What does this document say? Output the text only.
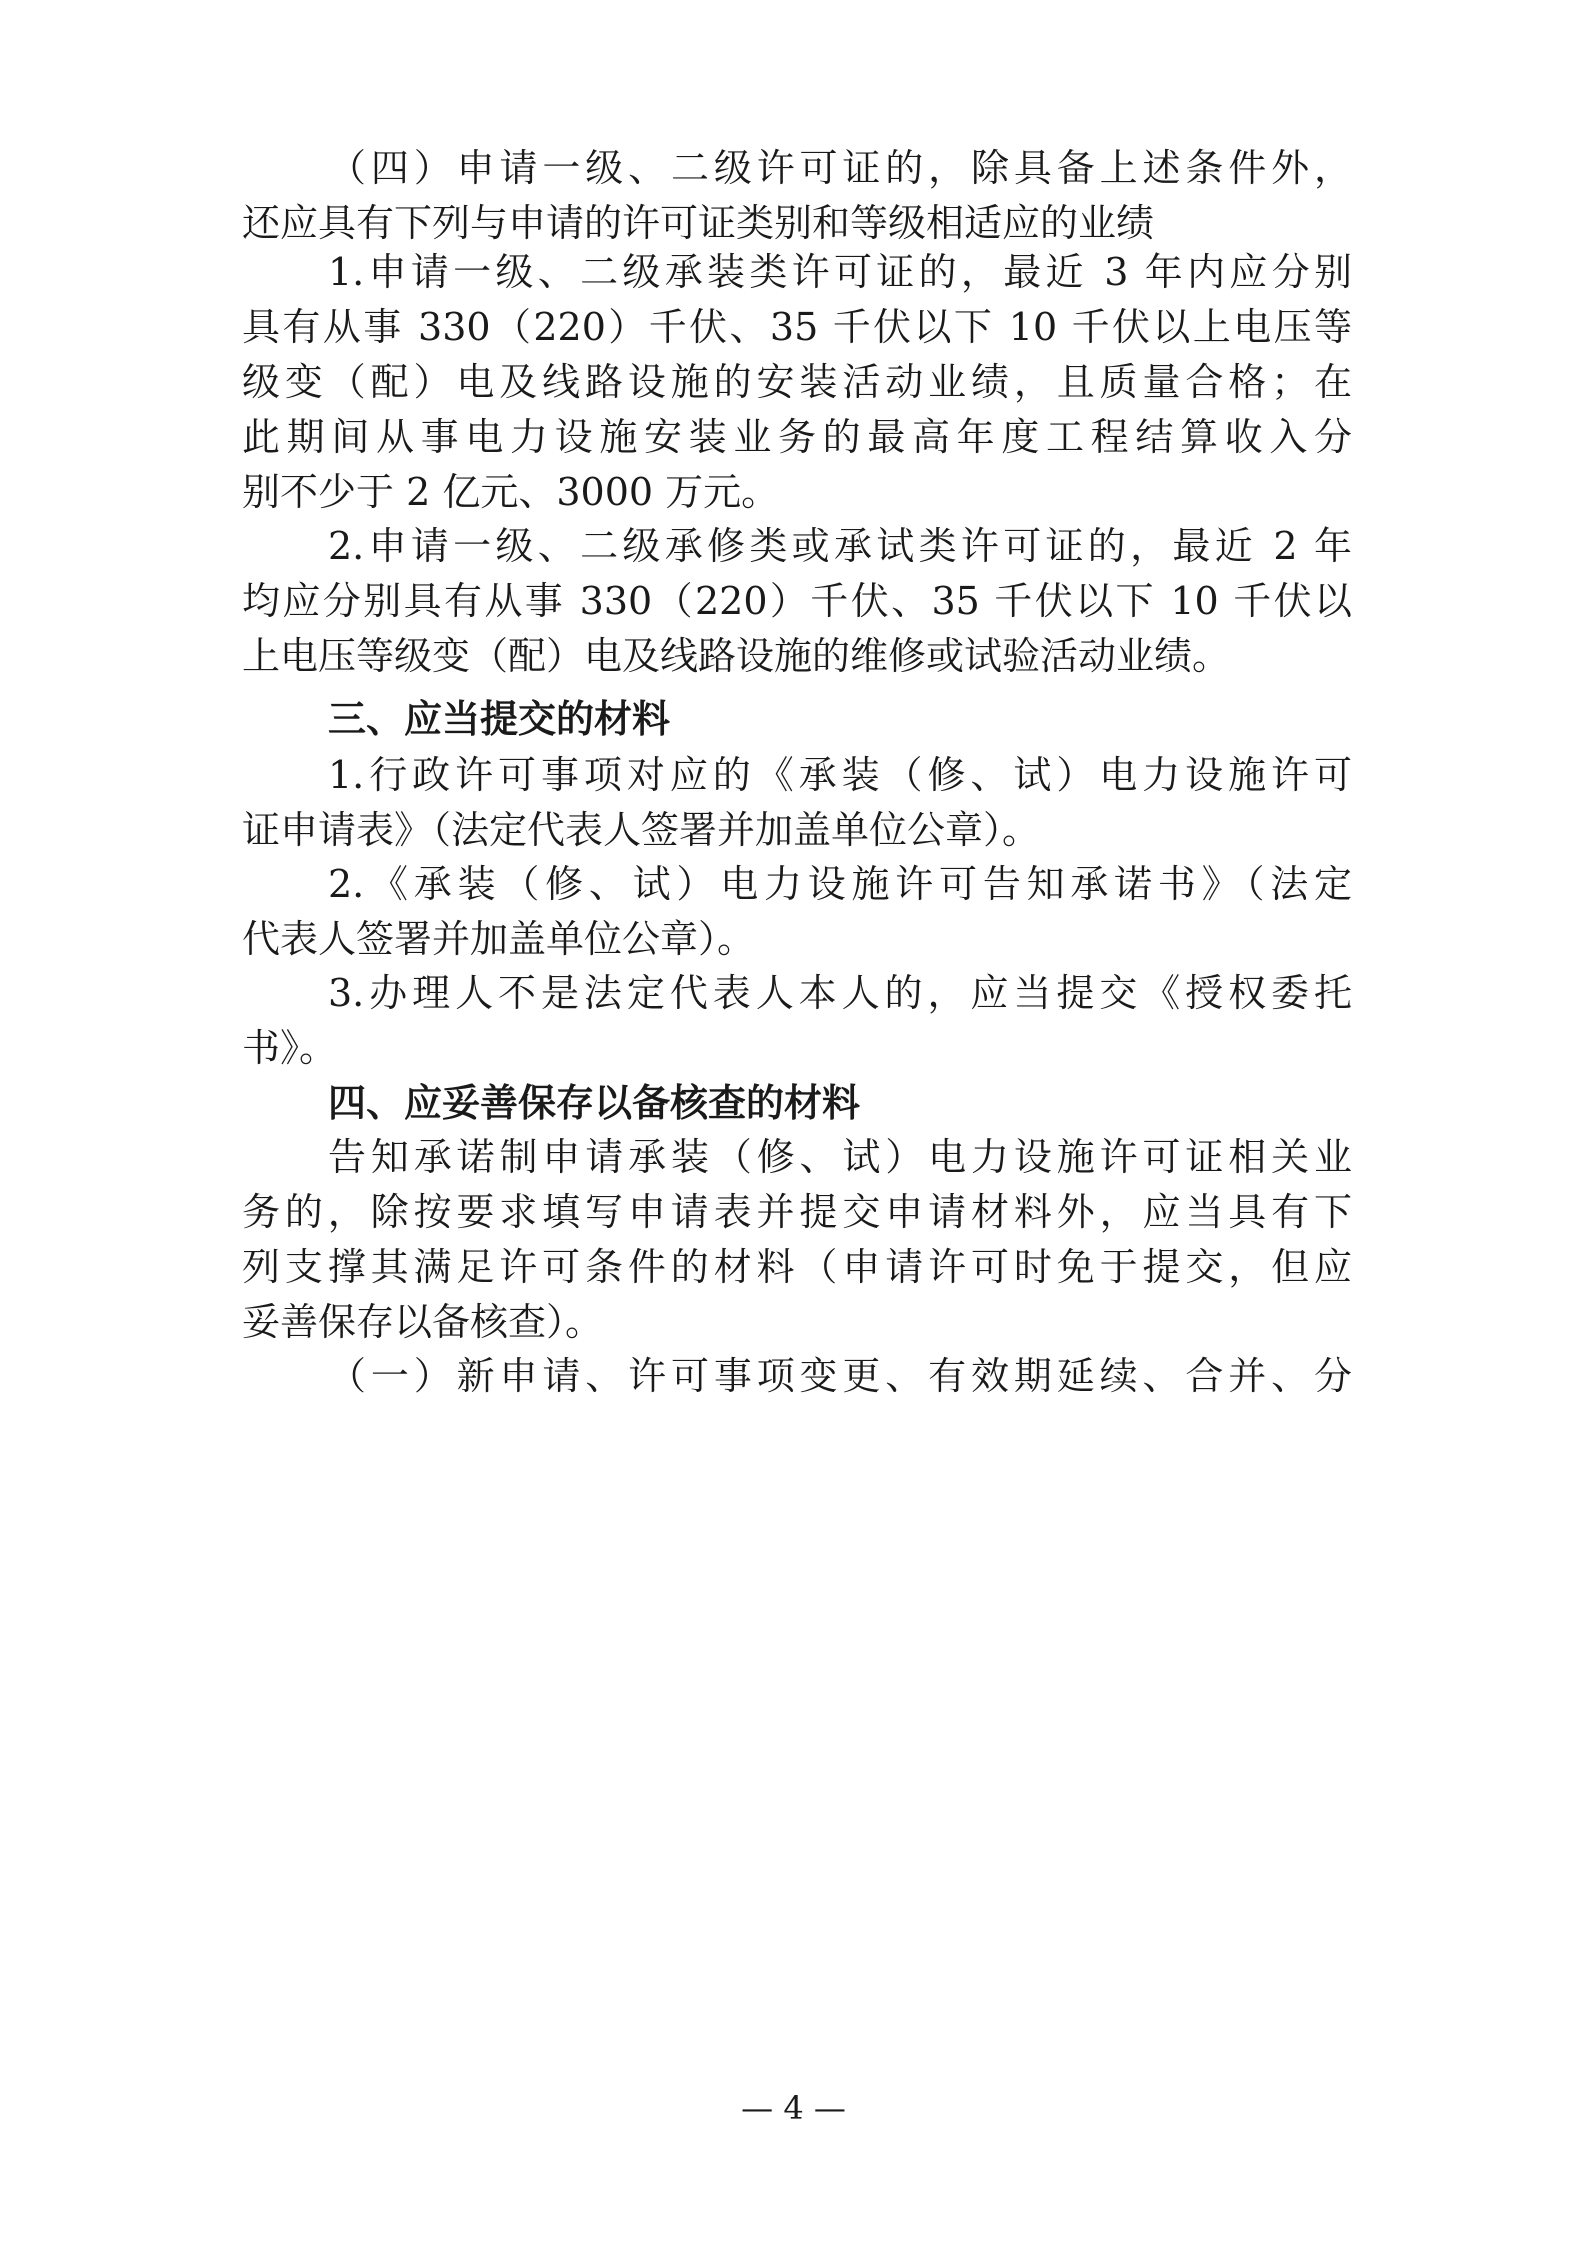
（四）申请一级、二级许可证的，除具备上述条件外，
还应具有下列与申请的许可证类别和等级相适应的业绩
1.申请一级、二级承装类许可证的，最近 3 年内应分别
具有从事 330（220）千伏、35 千伏以下 10 千伏以上电压等
级变（配）电及线路设施的安装活动业绩，且质量合格；在
此期间从事电力设施安装业务的最高年度工程结算收入分
别不少于 2 亿元、3000 万元。
2.申请一级、二级承修类或承试类许可证的，最近 2 年
均应分别具有从事 330（220）千伏、35 千伏以下 10 千伏以
上电压等级变（配）电及线路设施的维修或试验活动业绩。
三、应当提交的材料
1.行政许可事项对应的《承装（修、试）电力设施许可
证申请表》（法定代表人签署并加盖单位公章）。
2.《承装（修、试）电力设施许可告知承诺书》（法定
代表人签署并加盖单位公章）。
3.办理人不是法定代表人本人的，应当提交《授权委托
书》。
四、应妥善保存以备核查的材料
告知承诺制申请承装（修、试）电力设施许可证相关业
务的，除按要求填写申请表并提交申请材料外，应当具有下
列支撑其满足许可条件的材料（申请许可时免于提交，但应
妥善保存以备核查）。
（一）新申请、许可事项变更、有效期延续、合并、分
— 4 —
